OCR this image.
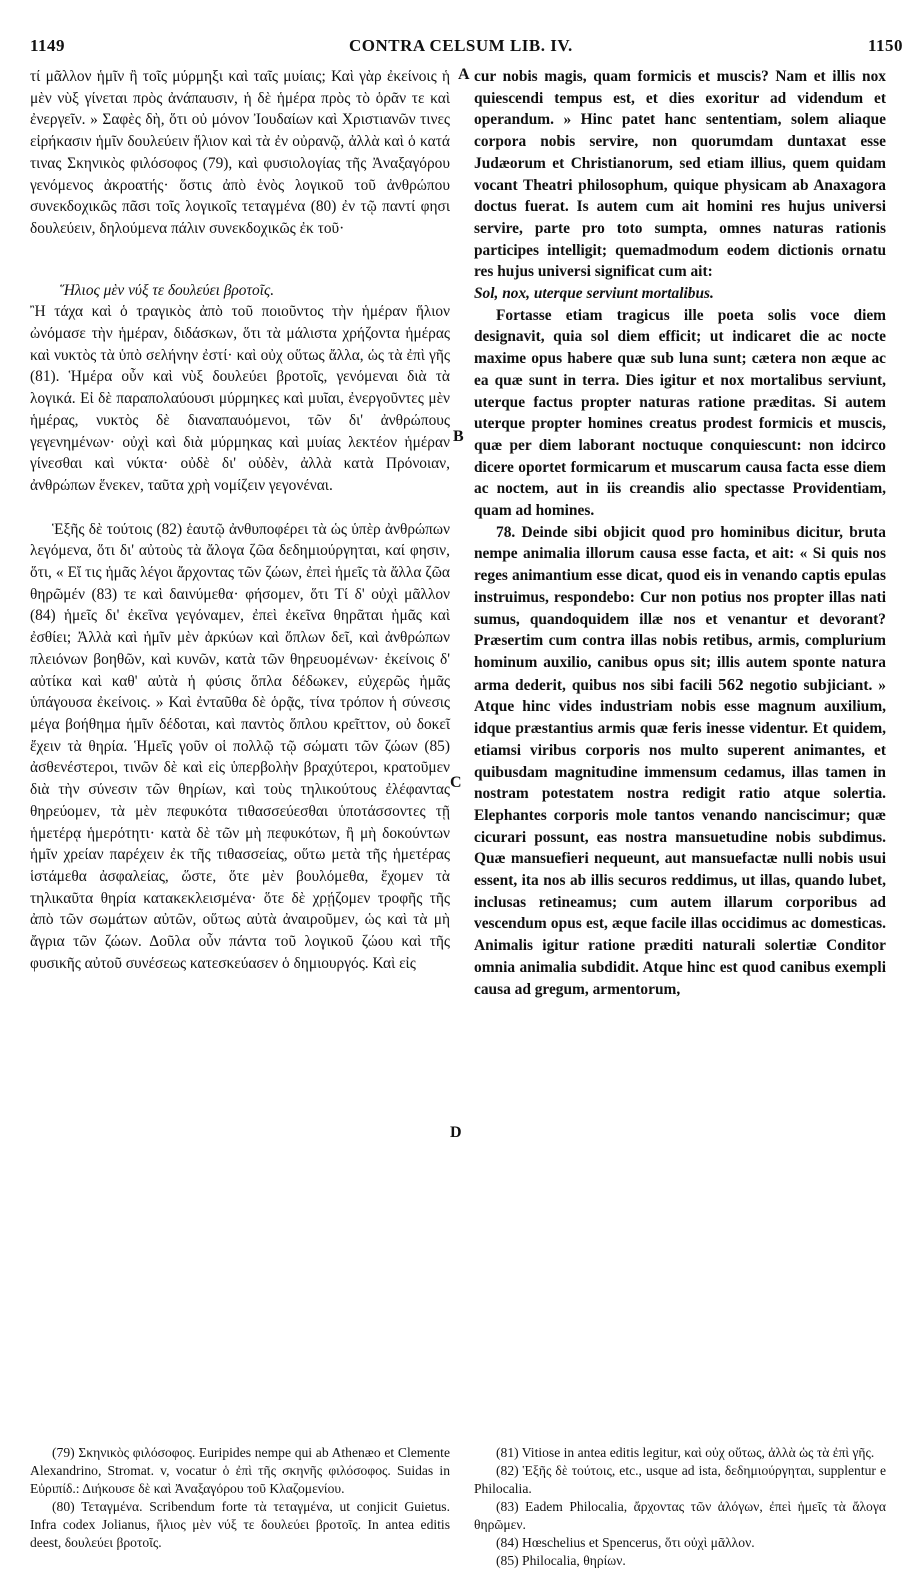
1149	CONTRA CELSUM LIB. IV.	1150

τί μᾶλλον ἡμῖν ἢ τοῖς μύρμηξι καὶ ταῖς μυίαις; Καὶ γὰρ ἐκείνοις ἡ μὲν νὺξ γίνεται πρὸς ἀνάπαυσιν, ἡ δὲ ἡμέρα πρὸς τὸ ὁρᾶν τε καὶ ἐνεργεῖν. » Σαφὲς δὴ, ὅτι οὐ μόνον Ἰουδαίων καὶ Χριστιανῶν τινες εἰρήκασιν ἡμῖν δουλεύειν ἥλιον καὶ τὰ ἐν οὐρανῷ, ἀλλὰ καὶ ὁ κατά τινας Σκηνικὸς φιλόσοφος (79), καὶ φυσιολογίας τῆς Ἀναξαγόρου γενόμενος ἀκροατής· ὅστις ἀπὸ ἑνὸς λογικοῦ τοῦ ἀνθρώπου συνεκδοχικῶς πᾶσι τοῖς λογικοῖς τεταγμένα (80) ἐν τῷ παντί φησι δουλεύειν, δηλούμενα πάλιν συνεκδοχικῶς ἐκ τοῦ·

Ἥλιος μὲν νύξ τε δουλεύει βροτοῖς.

Ἢ τάχα καὶ ὁ τραγικὸς ἀπὸ τοῦ ποιοῦντος τὴν ἡμέραν ἥλιον ὠνόμασε τὴν ἡμέραν, διδάσκων, ὅτι τὰ μάλιστα χρήζοντα ἡμέρας καὶ νυκτὸς τὰ ὑπὸ σελήνην ἐστί· καὶ οὐχ οὕτως ἄλλα, ὡς τὰ ἐπὶ γῆς (81). Ἡμέρα οὖν καὶ νὺξ δουλεύει βροτοῖς, γενόμεναι διὰ τὰ λογικά. Εἰ δὲ παραπολαύουσι μύρμηκες καὶ μυῖαι, ἐνεργοῦντες μὲν ἡμέρας, νυκτὸς δὲ διαναπαυόμενοι, τῶν δι' ἀνθρώπους γεγενημένων· οὐχὶ καὶ διὰ μύρμηκας καὶ μυίας λεκτέον ἡμέραν γίνεσθαι καὶ νύκτα· οὐδὲ δι' οὐδὲν, ἀλλὰ κατὰ Πρόνοιαν, ἀνθρώπων ἕνεκεν, ταῦτα χρὴ νομίζειν γεγονέναι.

Ἑξῆς δὲ τούτοις (82) ἑαυτῷ ἀνθυποφέρει τὰ ὡς ὑπὲρ ἀνθρώπων λεγόμενα, ὅτι δι' αὐτοὺς τὰ ἄλογα ζῶα δεδημιούργηται, καί φησιν, ὅτι, « Εἴ τις ἡμᾶς λέγοι ἄρχοντας τῶν ζώων, ἐπεὶ ἡμεῖς τὰ ἄλλα ζῶα θηρῶμέν (83) τε καὶ δαινύμεθα· φήσομεν, ὅτι Τί δ' οὐχὶ μᾶλλον (84) ἡμεῖς δι' ἐκεῖνα γεγόναμεν, ἐπεὶ ἐκεῖνα θηρᾶται ἡμᾶς καὶ ἐσθίει; Ἀλλὰ καὶ ἡμῖν μὲν ἀρκύων καὶ ὅπλων δεῖ, καὶ ἀνθρώπων πλειόνων βοηθῶν, καὶ κυνῶν, κατὰ τῶν θηρευομένων· ἐκείνοις δ' αὐτίκα καὶ καθ' αὐτὰ ἡ φύσις ὅπλα δέδωκεν, εὐχερῶς ἡμᾶς ὑπάγουσα ἐκείνοις. » Καὶ ἐνταῦθα δὲ ὁρᾷς, τίνα τρόπον ἡ σύνεσις μέγα βοήθημα ἡμῖν δέδοται, καὶ παντὸς ὅπλου κρεῖττον, οὐ δοκεῖ ἔχειν τὰ θηρία. Ἡμεῖς γοῦν οἱ πολλῷ τῷ σώματι τῶν ζώων (85) ἀσθενέστεροι, τινῶν δὲ καὶ εἰς ὑπερβολὴν βραχύτεροι, κρατοῦμεν διὰ τὴν σύνεσιν τῶν θηρίων, καὶ τοὺς τηλικούτους ἐλέφαντας θηρεύομεν, τὰ μὲν πεφυκότα τιθασσεύεσθαι ὑποτάσσοντες τῇ ἡμετέρᾳ ἡμερότητι· κατὰ δὲ τῶν μὴ πεφυκότων, ἢ μὴ δοκούντων ἡμῖν χρείαν παρέχειν ἐκ τῆς τιθασσείας, οὕτω μετὰ τῆς ἡμετέρας ἱστάμεθα ἀσφαλείας, ὥστε, ὅτε μὲν βουλόμεθα, ἔχομεν τὰ τηλικαῦτα θηρία κατακεκλεισμένα· ὅτε δὲ χρῄζομεν τροφῆς τῆς ἀπὸ τῶν σωμάτων αὐτῶν, οὕτως αὐτὰ ἀναιροῦμεν, ὡς καὶ τὰ μὴ ἄγρια τῶν ζώων. Δοῦλα οὖν πάντα τοῦ λογικοῦ ζώου καὶ τῆς φυσικῆς αὐτοῦ συνέσεως κατεσκεύασεν ὁ δημιουργός. Καὶ εἰς

A
B
C
D

cur nobis magis, quam formicis et muscis? Nam et illis nox quiescendi tempus est, et dies exoritur ad videndum et operandum. » Hinc patet hanc sententiam, solem aliaque corpora nobis servire, non quorumdam duntaxat esse Judæorum et Christianorum, sed etiam illius, quem quidam vocant Theatri philosophum, quique physicam ab Anaxagora doctus fuerat. Is autem cum ait homini res hujus universi servire, parte pro toto sumpta, omnes naturas rationis participes intelligit; quemadmodum eodem dictionis ornatu res hujus universi significat cum ait:

Sol, nox, uterque serviunt mortalibus.

Fortasse etiam tragicus ille poeta solis voce diem designavit, quia sol diem efficit; ut indicaret die ac nocte maxime opus habere quæ sub luna sunt; cætera non æque ac ea quæ sunt in terra. Dies igitur et nox mortalibus serviunt, uterque factus propter naturas ratione præditas. Si autem uterque propter homines creatus prodest formicis et muscis, quæ per diem laborant noctuque conquiescunt: non idcirco dicere oportet formicarum et muscarum causa facta esse diem ac noctem, aut in iis creandis alio spectasse Providentiam, quam ad homines.

78. Deinde sibi objicit quod pro hominibus dicitur, bruta nempe animalia illorum causa esse facta, et ait: « Si quis nos reges animantium esse dicat, quod eis in venando captis epulas instruimus, respondebo: Cur non potius nos propter illas nati sumus, quandoquidem illæ nos et venantur et devorant? Præsertim cum contra illas nobis retibus, armis, complurium hominum auxilio, canibus opus sit; illis autem sponte natura arma dederit, quibus nos sibi facili 562 negotio subjiciant. » Atque hinc vides industriam nobis esse magnum auxilium, idque præstantius armis quæ feris inesse videntur. Et quidem, etiamsi viribus corporis nos multo superent animantes, et quibusdam magnitudine immensum cedamus, illas tamen in nostram potestatem nostra redigit ratio atque solertia. Elephantes corporis mole tantos venando nanciscimur; quæ cicurari possunt, eas nostra mansuetudine nobis subdimus. Quæ mansuefieri nequeunt, aut mansuefactæ nulli nobis usui essent, ita nos ab illis securos reddimus, ut illas, quando lubet, inclusas retineamus; cum autem illarum corporibus ad vescendum opus est, æque facile illas occidimus ac domesticas. Animalis igitur ratione præditi naturali solertiæ Conditor omnia animalia subdidit. Atque hinc est quod canibus exempli causa ad gregum, armentorum,

(79) Σκηνικὸς φιλόσοφος. Euripides nempe qui ab Athenæo et Clemente Alexandrino, Stromat. v, vocatur ὁ ἐπὶ τῆς σκηνῆς φιλόσοφος. Suidas in Εὐριπίδ.: Διήκουσε δὲ καὶ Ἀναξαγόρου τοῦ Κλαζομενίου.
(80) Τεταγμένα. Scribendum forte τὰ τεταγμένα, ut conjicit Guietus. Infra codex Jolianus, ἥλιος μὲν νύξ τε δουλεύει βροτοῖς. In antea editis deest, δουλεύει βροτοῖς.
(81) Vitiose in antea editis legitur, καὶ οὐχ οὕτως, ἀλλὰ ὡς τὰ ἐπὶ γῆς.
(82) Ἑξῆς δὲ τούτοις, etc., usque ad ista, δεδημιούργηται, supplentur e Philocalia.
(83) Eadem Philocalia, ἄρχοντας τῶν ἀλόγων, ἐπεὶ ἡμεῖς τὰ ἄλογα θηρῶμεν.
(84) Hœschelius et Spencerus, ὅτι οὐχὶ μᾶλλον.
(85) Philocalia, θηρίων.
